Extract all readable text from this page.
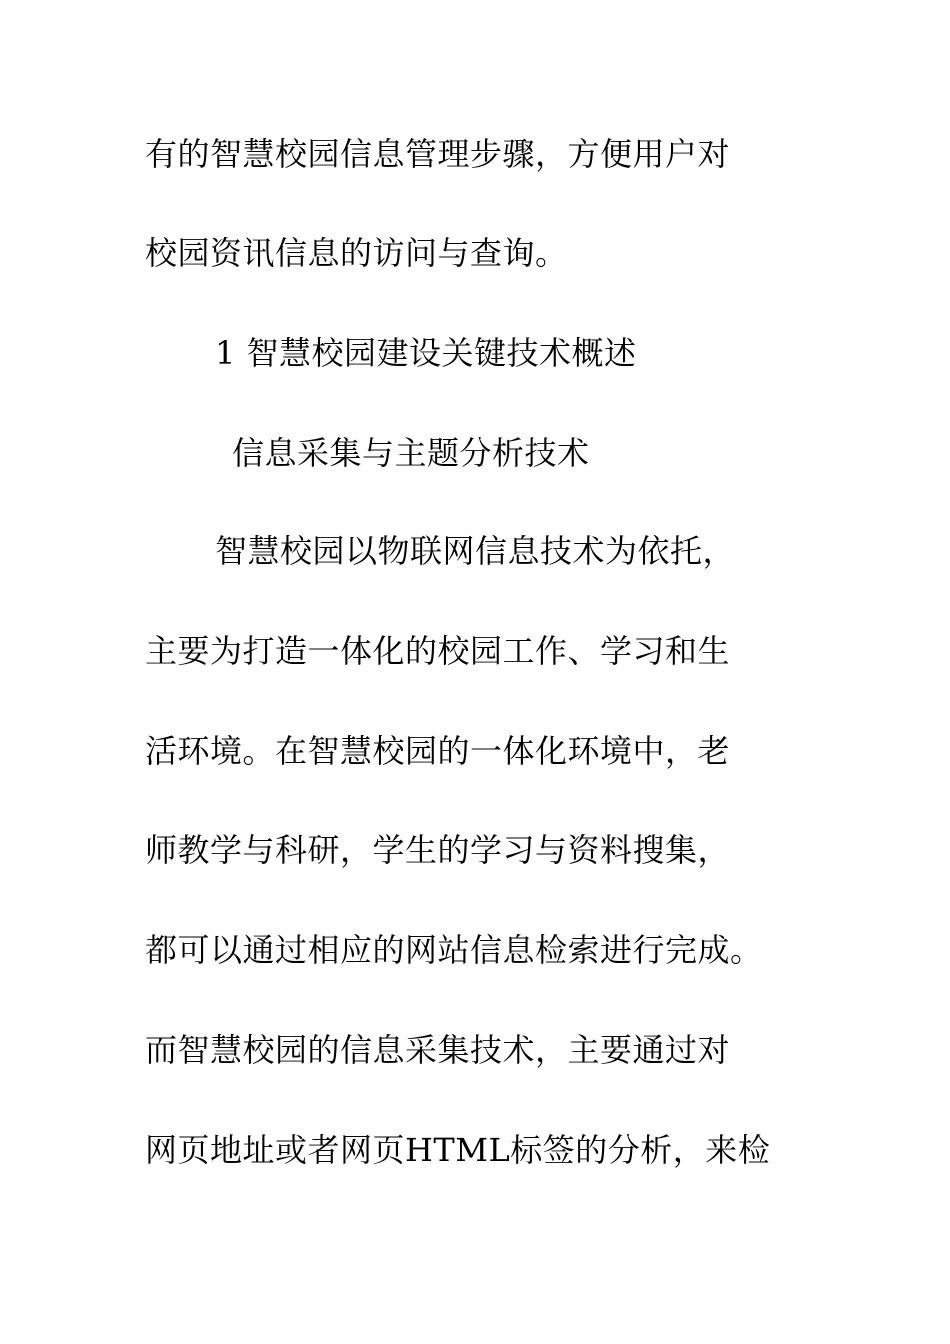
有的智慧校园信息管理步骤，方便用户对
校园资讯信息的访问与查询。
1 智慧校园建设关键技术概述
信息采集与主题分析技术
智慧校园以物联网信息技术为依托，
主要为打造一体化的校园工作、学习和生
活环境。在智慧校园的一体化环境中，老
师教学与科研，学生的学习与资料搜集，
都可以通过相应的网站信息检索进行完成。
而智慧校园的信息采集技术，主要通过对
网页地址或者网页HTML标签的分析，来检
